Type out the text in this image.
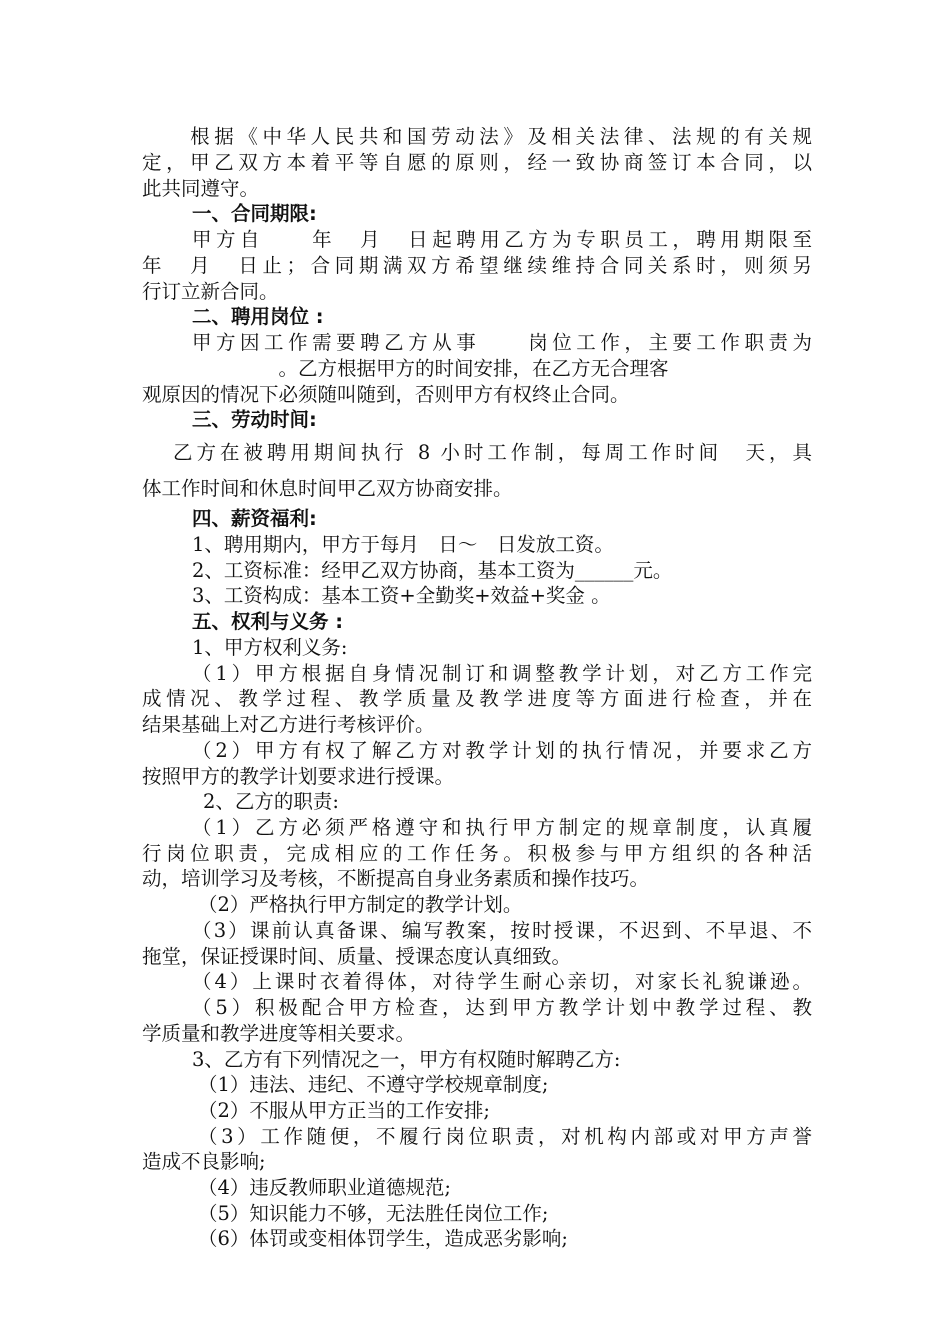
　　根据《中华人民共和国劳动法》及相关法律、法规的有关规
定，甲乙双方本着平等自愿的原则，经一致协商签订本合同，以
此共同遵守。
一、合同期限:
甲方自　　年　月　日起聘用乙方为专职员工，聘用期限至
年　月　日止；合同期满双方希望继续维持合同关系时，则须另
行订立新合同。
二、聘用岗位 :
甲方因工作需要聘乙方从事　　岗位工作，主要工作职责为
　　　　　　　。乙方根据甲方的时间安排，在乙方无合理客
观原因的情况下必须随叫随到，否则甲方有权终止合同。
三、劳动时间:
乙方在被聘用期间执行 8 小时工作制，每周工作时间　天，具
体工作时间和休息时间甲乙双方协商安排。
四、薪资福利:
1、聘用期内，甲方于每月　日～　日发放工资。
2、工资标准：经甲乙双方协商，基本工资为______元。
3、工资构成：基本工资+全勤奖+效益+奖金 。
五、权利与义务 :
1、甲方权利义务:
（1）甲方根据自身情况制订和调整教学计划，对乙方工作完
成情况、教学过程、教学质量及教学进度等方面进行检查，并在
结果基础上对乙方进行考核评价。
（2）甲方有权了解乙方对教学计划的执行情况，并要求乙方
按照甲方的教学计划要求进行授课。
2、乙方的职责:
（1）乙方必须严格遵守和执行甲方制定的规章制度，认真履
行岗位职责，完成相应的工作任务。积极参与甲方组织的各种活
动，培训学习及考核，不断提高自身业务素质和操作技巧。
（2）严格执行甲方制定的教学计划。
（3）课前认真备课、编写教案，按时授课，不迟到、不早退、不
拖堂，保证授课时间、质量、授课态度认真细致。
（4）上课时衣着得体，对待学生耐心亲切，对家长礼貌谦逊。
（5）积极配合甲方检查，达到甲方教学计划中教学过程、教
学质量和教学进度等相关要求。
3、乙方有下列情况之一，甲方有权随时解聘乙方:
（1）违法、违纪、不遵守学校规章制度;
（2）不服从甲方正当的工作安排;
（3）工作随便，不履行岗位职责，对机构内部或对甲方声誉
造成不良影响;
（4）违反教师职业道德规范;
（5）知识能力不够，无法胜任岗位工作;
（6）体罚或变相体罚学生，造成恶劣影响;
